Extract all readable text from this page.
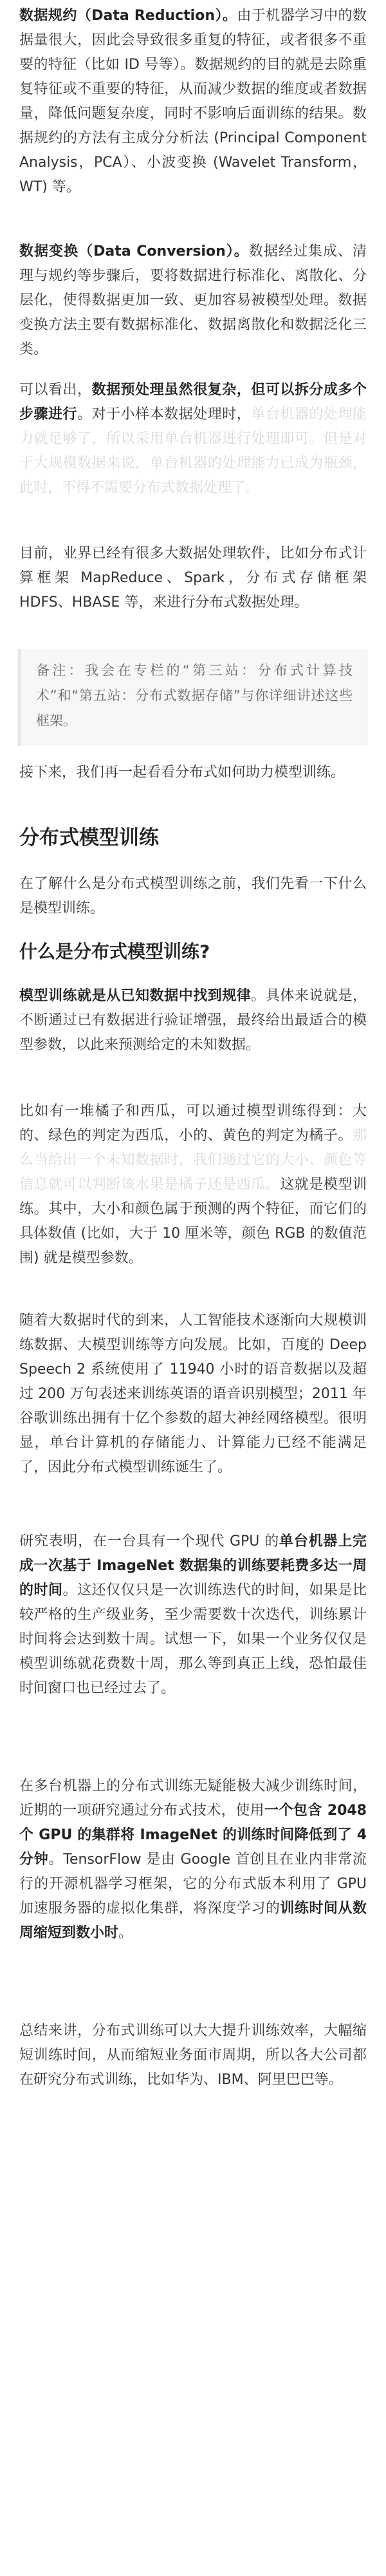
数据规约（Data Reduction）。由于机器学习中的数据量很大，因此会导致很多重复的特征，或者很多不重要的特征（比如 ID 号等）。数据规约的目的就是去除重复特征或不重要的特征，从而减少数据的维度或者数据量，降低问题复杂度，同时不影响后面训练的结果。数据规约的方法有主成分分析法 (Principal Component Analysis，PCA）、小波变换 (Wavelet Transform，WT) 等。

数据变换（Data Conversion）。数据经过集成、清理与规约等步骤后，要将数据进行标准化、离散化、分层化，使得数据更加一致、更加容易被模型处理。数据变换方法主要有数据标准化、数据离散化和数据泛化三类。

可以看出，数据预处理虽然很复杂，但可以拆分成多个步骤进行。对于小样本数据处理时，单台机器的处理能力就足够了，所以采用单台机器进行处理即可。但是对于大规模数据来说，单台机器的处理能力已成为瓶颈，此时，不得不需要分布式数据处理了。

目前，业界已经有很多大数据处理软件，比如分布式计算框架 MapReduce、Spark，分布式存储框架 HDFS、HBASE 等，来进行分布式数据处理。

备注：我会在专栏的“第三站：分布式计算技术”和“第五站：分布式数据存储”与你详细讲述这些框架。

接下来，我们再一起看看分布式如何助力模型训练。

分布式模型训练

在了解什么是分布式模型训练之前，我们先看一下什么是模型训练。

什么是分布式模型训练?

模型训练就是从已知数据中找到规律。具体来说就是，不断通过已有数据进行验证增强，最终给出最适合的模型参数，以此来预测给定的未知数据。

比如有一堆橘子和西瓜，可以通过模型训练得到：大的、绿色的判定为西瓜，小的、黄色的判定为橘子。那么当给出一个未知数据时，我们通过它的大小、颜色等信息就可以判断该水果是橘子还是西瓜。这就是模型训练。其中，大小和颜色属于预测的两个特征，而它们的具体数值 (比如，大于 10 厘米等，颜色 RGB 的数值范围) 就是模型参数。

随着大数据时代的到来，人工智能技术逐渐向大规模训练数据、大模型训练等方向发展。比如，百度的 Deep Speech 2 系统使用了 11940 小时的语音数据以及超过 200 万句表述来训练英语的语音识别模型；2011 年谷歌训练出拥有十亿个参数的超大神经网络模型。很明显，单台计算机的存储能力、计算能力已经不能满足了，因此分布式模型训练诞生了。

研究表明，在一台具有一个现代 GPU 的单台机器上完成一次基于 ImageNet 数据集的训练要耗费多达一周的时间。这还仅仅只是一次训练迭代的时间，如果是比较严格的生产级业务，至少需要数十次迭代，训练累计时间将会达到数十周。试想一下，如果一个业务仅仅是模型训练就花费数十周，那么等到真正上线，恐怕最佳时间窗口也已经过去了。

在多台机器上的分布式训练无疑能极大减少训练时间，近期的一项研究通过分布式技术，使用一个包含 2048 个 GPU 的集群将 ImageNet 的训练时间降低到了 4 分钟。TensorFlow 是由 Google 首创且在业内非常流行的开源机器学习框架，它的分布式版本利用了 GPU 加速服务器的虚拟化集群，将深度学习的训练时间从数周缩短到数小时。

总结来讲，分布式训练可以大大提升训练效率，大幅缩短训练时间，从而缩短业务面市周期，所以各大公司都在研究分布式训练，比如华为、IBM、阿里巴巴等。
